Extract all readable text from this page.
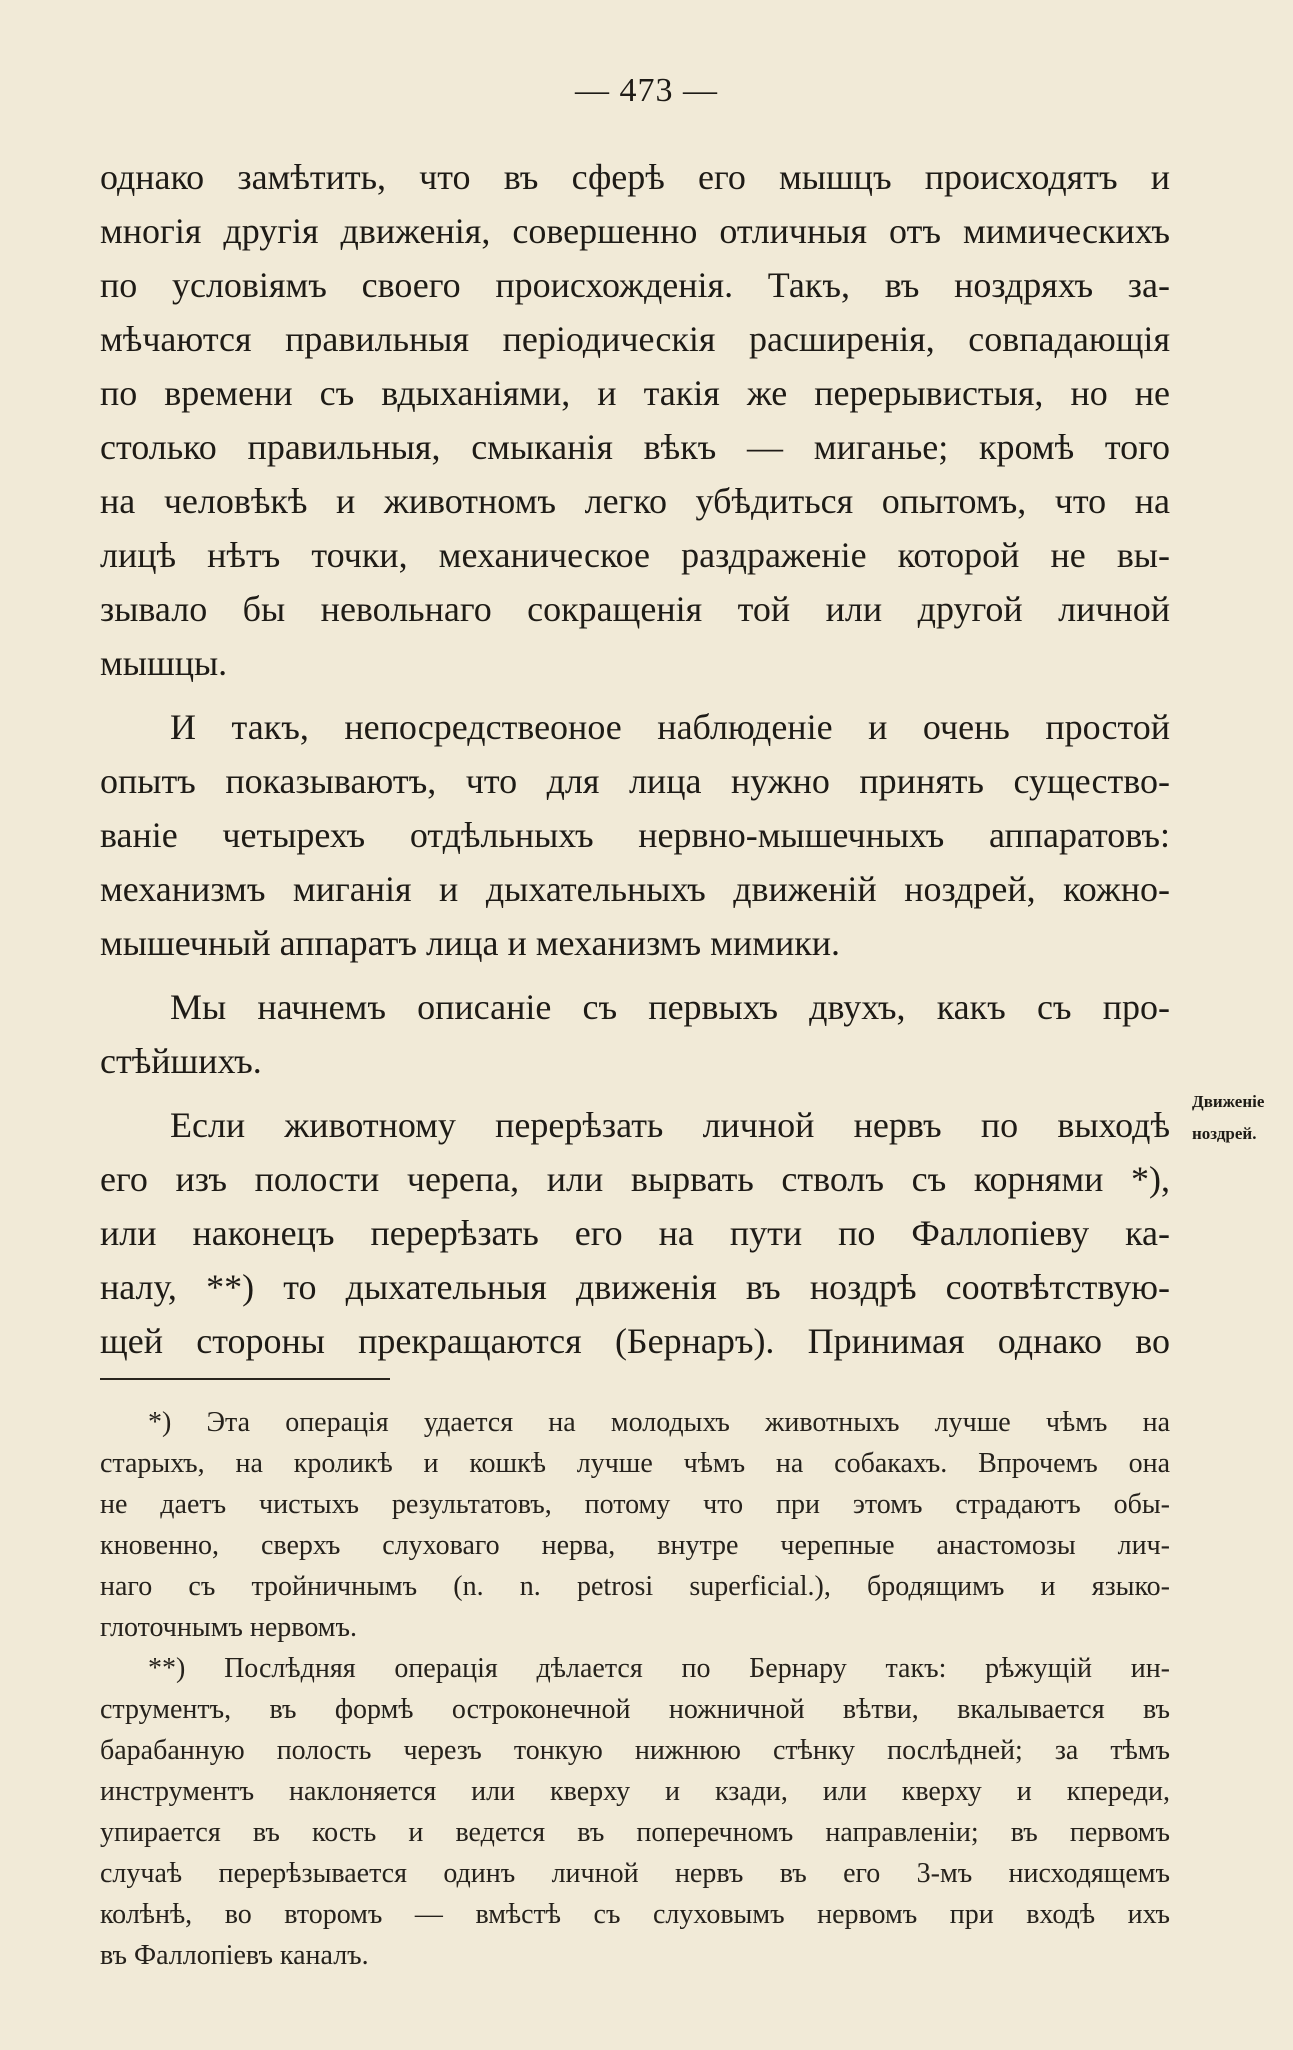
— 473 —
однако замѣтить, что въ сферѣ его мышцъ происходятъ и
многія другія движенія, совершенно отличныя отъ мимическихъ
по условіямъ своего происхожденія. Такъ, въ ноздряхъ за-
мѣчаются правильныя періодическія расширенія, совпадающія
по времени съ вдыханіями, и такія же перерывистыя, но не
столько правильныя, смыканія вѣкъ — миганье; кромѣ того
на человѣкѣ и животномъ легко убѣдиться опытомъ, что на
лицѣ нѣтъ точки, механическое раздраженіе которой не вы-
зывало бы невольнаго сокращенія той или другой личной
мышцы.
И такъ, непосредствеоное наблюденіе и очень простой
опытъ показываютъ, что для лица нужно принять существо-
ваніе четырехъ отдѣльныхъ нервно-мышечныхъ аппаратовъ:
механизмъ миганія и дыхательныхъ движеній ноздрей, кожно-
мышечный аппаратъ лица и механизмъ мимики.
Мы начнемъ описаніе съ первыхъ двухъ, какъ съ про-
стѣйшихъ.
Если животному перерѣзать личной нервъ по выходѣ
его изъ полости черепа, или вырвать стволъ съ корнями *),
или наконецъ перерѣзать его на пути по Фаллопіеву ка-
налу, **) то дыхательныя движенія въ ноздрѣ соотвѣтствую-
щей стороны прекращаются (Бернаръ). Принимая однако во
Движеніе
ноздрей.
*) Эта операція удается на молодыхъ животныхъ лучше чѣмъ на
старыхъ, на кроликѣ и кошкѣ лучше чѣмъ на собакахъ. Впрочемъ она
не даетъ чистыхъ результатовъ, потому что при этомъ страдаютъ обы-
кновенно, сверхъ слуховаго нерва, внутре черепные анастомозы лич-
наго съ тройничнымъ (n. n. petrosi superficial.), бродящимъ и языко-
глоточнымъ нервомъ.
**) Послѣдняя операція дѣлается по Бернару такъ: рѣжущій ин-
струментъ, въ формѣ остроконечной ножничной вѣтви, вкалывается въ
барабанную полость черезъ тонкую нижнюю стѣнку послѣдней; за тѣмъ
инструментъ наклоняется или кверху и кзади, или кверху и кпереди,
упирается въ кость и ведется въ поперечномъ направленіи; въ первомъ
случаѣ перерѣзывается одинъ личной нервъ въ его 3-мъ нисходящемъ
колѣнѣ, во второмъ — вмѣстѣ съ слуховымъ нервомъ при входѣ ихъ
въ Фаллопіевъ каналъ.
